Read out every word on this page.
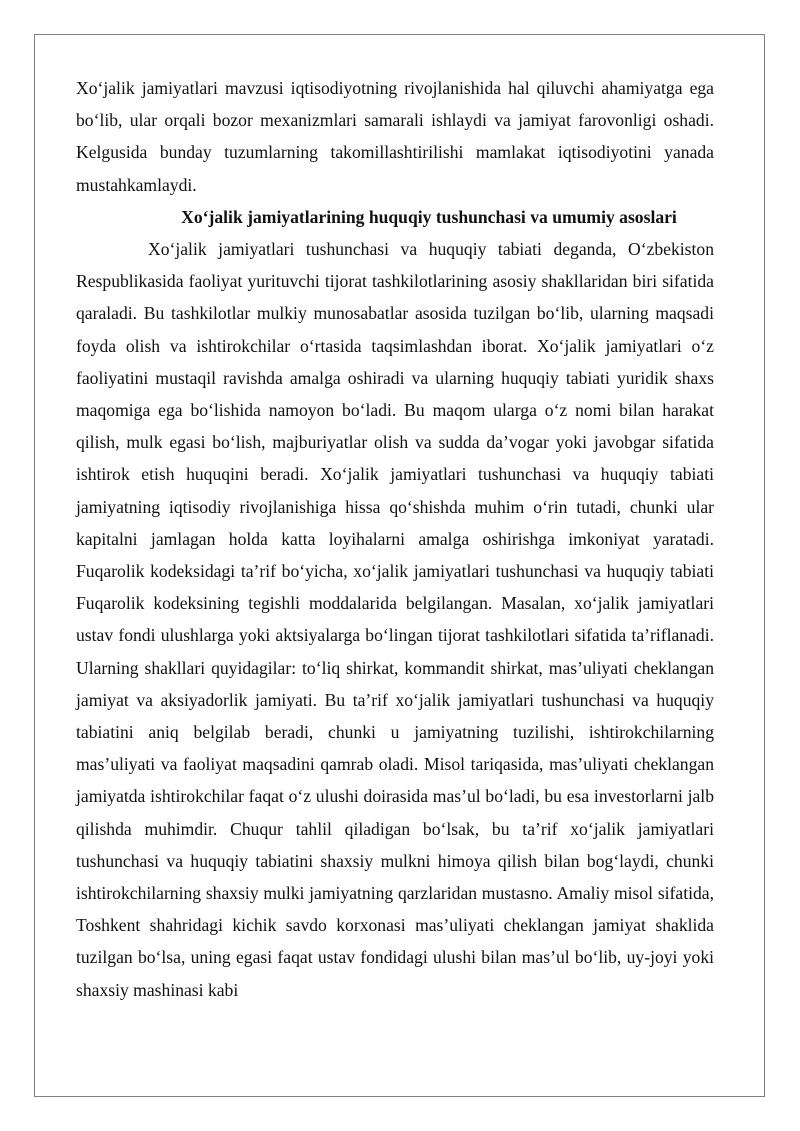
Xo‘jalik jamiyatlari mavzusi iqtisodiyotning rivojlanishida hal qiluvchi ahamiyatga ega bo‘lib, ular orqali bozor mexanizmlari samarali ishlaydi va jamiyat farovonligi oshadi. Kelgusida bunday tuzumlarning takomillashtirilishi mamlakat iqtisodiyotini yanada mustahkamlaydi.

Xo‘jalik jamiyatlarining huquqiy tushunchasi va umumiy asoslari

Xo‘jalik jamiyatlari tushunchasi va huquqiy tabiati deganda, O‘zbekiston Respublikasida faoliyat yurituvchi tijorat tashkilotlarining asosiy shakllaridan biri sifatida qaraladi. Bu tashkilotlar mulkiy munosabatlar asosida tuzilgan bo‘lib, ularning maqsadi foyda olish va ishtirokchilar o‘rtasida taqsimlashdan iborat. Xo‘jalik jamiyatlari o‘z faoliyatini mustaqil ravishda amalga oshiradi va ularning huquqiy tabiati yuridik shaxs maqomiga ega bo‘lishida namoyon bo‘ladi. Bu maqom ularga o‘z nomi bilan harakat qilish, mulk egasi bo‘lish, majburiyatlar olish va sudda da’vogar yoki javobgar sifatida ishtirok etish huquqini beradi. Xo‘jalik jamiyatlari tushunchasi va huquqiy tabiati jamiyatning iqtisodiy rivojlanishiga hissa qo‘shishda muhim o‘rin tutadi, chunki ular kapitalni jamlagan holda katta loyihalarni amalga oshirishga imkoniyat yaratadi. Fuqarolik kodeksidagi ta’rif bo‘yicha, xo‘jalik jamiyatlari tushunchasi va huquqiy tabiati Fuqarolik kodeksining tegishli moddalarida belgilangan. Masalan, xo‘jalik jamiyatlari ustav fondi ulushlarga yoki aktsiyalarga bo‘lingan tijorat tashkilotlari sifatida ta’riflanadi. Ularning shakllari quyidagilar: to‘liq shirkat, kommandit shirkat, mas’uliyati cheklangan jamiyat va aksiyadorlik jamiyati. Bu ta’rif xo‘jalik jamiyatlari tushunchasi va huquqiy tabiatini aniq belgilab beradi, chunki u jamiyatning tuzilishi, ishtirokchilarning mas’uliyati va faoliyat maqsadini qamrab oladi. Misol tariqasida, mas’uliyati cheklangan jamiyatda ishtirokchilar faqat o‘z ulushi doirasida mas’ul bo‘ladi, bu esa investorlarni jalb qilishda muhimdir. Chuqur tahlil qiladigan bo‘lsak, bu ta’rif xo‘jalik jamiyatlari tushunchasi va huquqiy tabiatini shaxsiy mulkni himoya qilish bilan bog‘laydi, chunki ishtirokchilarning shaxsiy mulki jamiyatning qarzlaridan mustasno. Amaliy misol sifatida, Toshkent shahridagi kichik savdo korxonasi mas’uliyati cheklangan jamiyat shaklida tuzilgan bo‘lsa, uning egasi faqat ustav fondidagi ulushi bilan mas’ul bo‘lib, uy-joyi yoki shaxsiy mashinasi kabi
